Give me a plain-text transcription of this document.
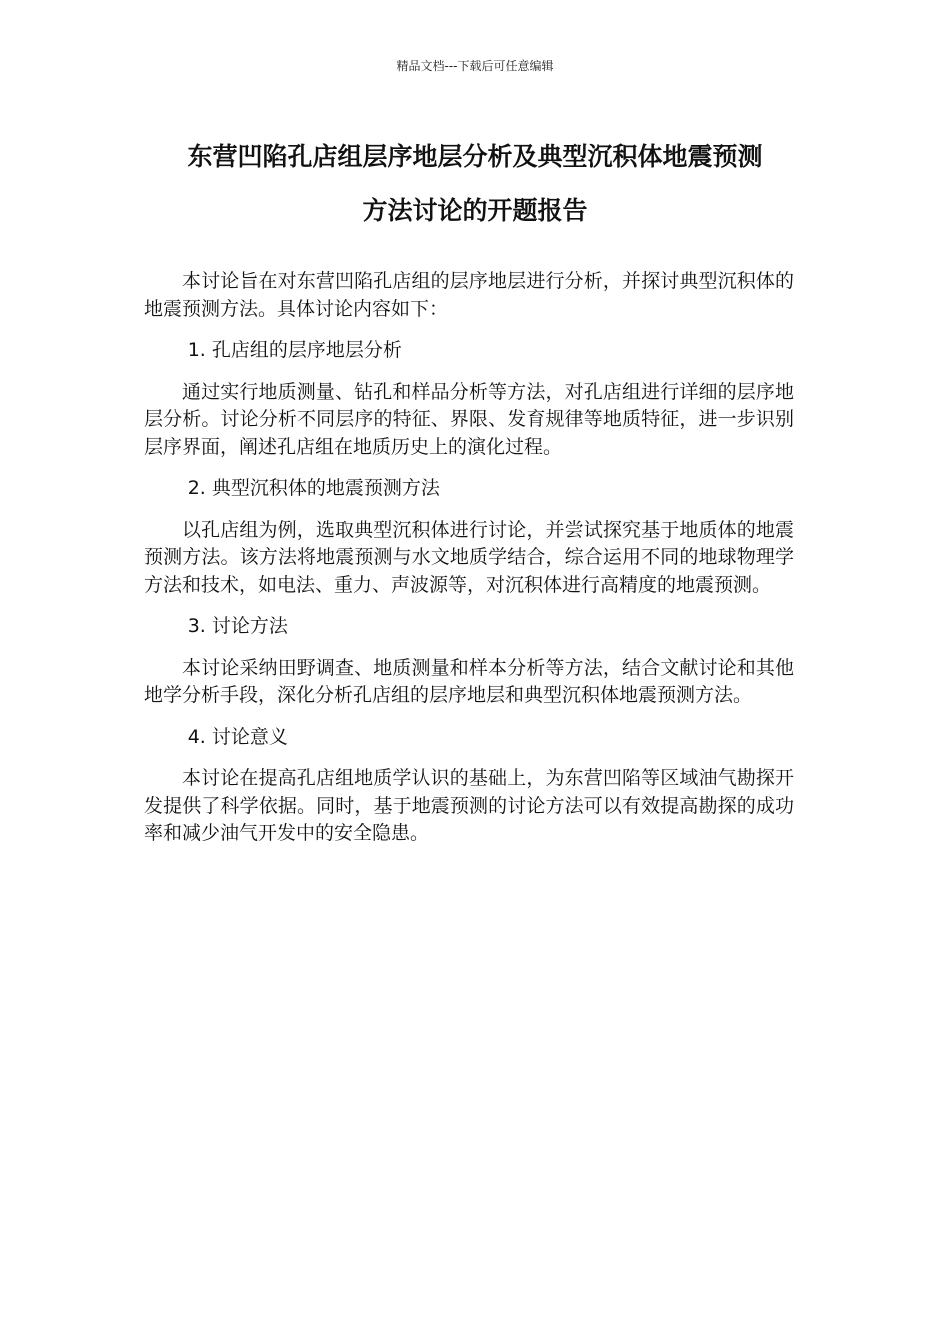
精品文档---下载后可任意编辑
东营凹陷孔店组层序地层分析及典型沉积体地震预测
方法讨论的开题报告

本讨论旨在对东营凹陷孔店组的层序地层进行分析，并探讨典型沉积体的地震预测方法。具体讨论内容如下：

1. 孔店组的层序地层分析

通过实行地质测量、钻孔和样品分析等方法，对孔店组进行详细的层序地层分析。讨论分析不同层序的特征、界限、发育规律等地质特征，进一步识别层序界面，阐述孔店组在地质历史上的演化过程。

2. 典型沉积体的地震预测方法

以孔店组为例，选取典型沉积体进行讨论，并尝试探究基于地质体的地震预测方法。该方法将地震预测与水文地质学结合，综合运用不同的地球物理学方法和技术，如电法、重力、声波源等，对沉积体进行高精度的地震预测。

3. 讨论方法

本讨论采纳田野调查、地质测量和样本分析等方法，结合文献讨论和其他地学分析手段，深化分析孔店组的层序地层和典型沉积体地震预测方法。

4. 讨论意义

本讨论在提高孔店组地质学认识的基础上，为东营凹陷等区域油气勘探开发提供了科学依据。同时，基于地震预测的讨论方法可以有效提高勘探的成功率和减少油气开发中的安全隐患。
